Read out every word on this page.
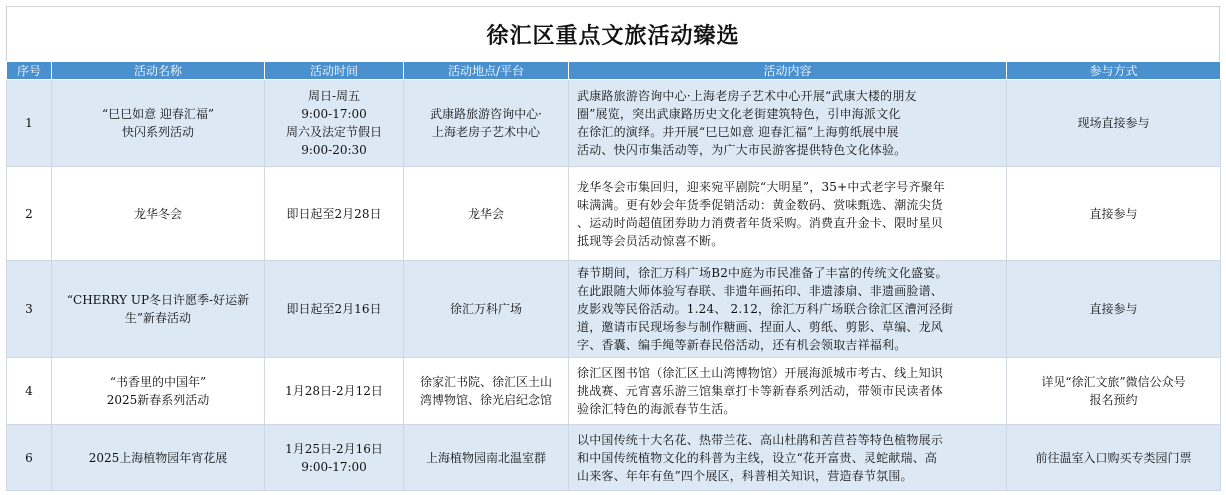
徐汇区重点文旅活动臻选
序号	活动名称	活动时间	活动地点/平台	活动内容	参与方式
1	“巳巳如意 迎春汇福”
快闪系列活动	周日-周五
9:00-17:00
周六及法定节假日
9:00-20:30	武康路旅游咨询中心·
上海老房子艺术中心	武康路旅游咨询中心·上海老房子艺术中心开展“武康大楼的朋友
圈”展览，突出武康路历史文化老街建筑特色，引申海派文化
在徐汇的演绎。并开展“巳巳如意 迎春汇福”上海剪纸展中展
活动、快闪市集活动等，为广大市民游客提供特色文化体验。	现场直接参与

2	龙华冬会	即日起至2月28日	龙华会	龙华冬会市集回归，迎来宛平剧院“大明星”，35+中式老字号齐聚年
味满满。更有妙会年货季促销活动：黄金数码、赏味甄选、潮流尖货
、运动时尚超值团券助力消费者年货采购。消费直升金卡、限时星贝
抵现等会员活动惊喜不断。	直接参与

3	“CHERRY UP冬日许愿季-好运新
生”新春活动	即日起至2月16日	徐汇万科广场	春节期间，徐汇万科广场B2中庭为市民准备了丰富的传统文化盛宴。
在此跟随大师体验写春联、非遗年画拓印、非遗漆扇、非遗画脸谱、
皮影戏等民俗活动。1.24、 2.12，徐汇万科广场联合徐汇区漕河泾街
道，邀请市民现场参与制作糖画、捏面人、剪纸、剪影、草编、龙风
字、香囊、编手绳等新春民俗活动，还有机会领取吉祥福利。	直接参与

4	“书香里的中国年”
2025新春系列活动	1月28日-2月12日	徐家汇书院、徐汇区土山
湾博物馆、徐光启纪念馆	徐汇区图书馆（徐汇区土山湾博物馆）开展海派城市考古、线上知识
挑战赛、元宵喜乐游三馆集章打卡等新春系列活动，带领市民读者体
验徐汇特色的海派春节生活。	详见“徐汇文旅”微信公众号
报名预约

6	2025上海植物园年宵花展	1月25日-2月16日
9:00-17:00	上海植物园南北温室群	以中国传统十大名花、热带兰花、高山杜鹃和苦苣苔等特色植物展示
和中国传统植物文化的科普为主线，设立“花开富贵、灵蛇献瑞、高
山来客、年年有鱼”四个展区，科普相关知识，营造春节氛围。	前往温室入口购买专类园门票
